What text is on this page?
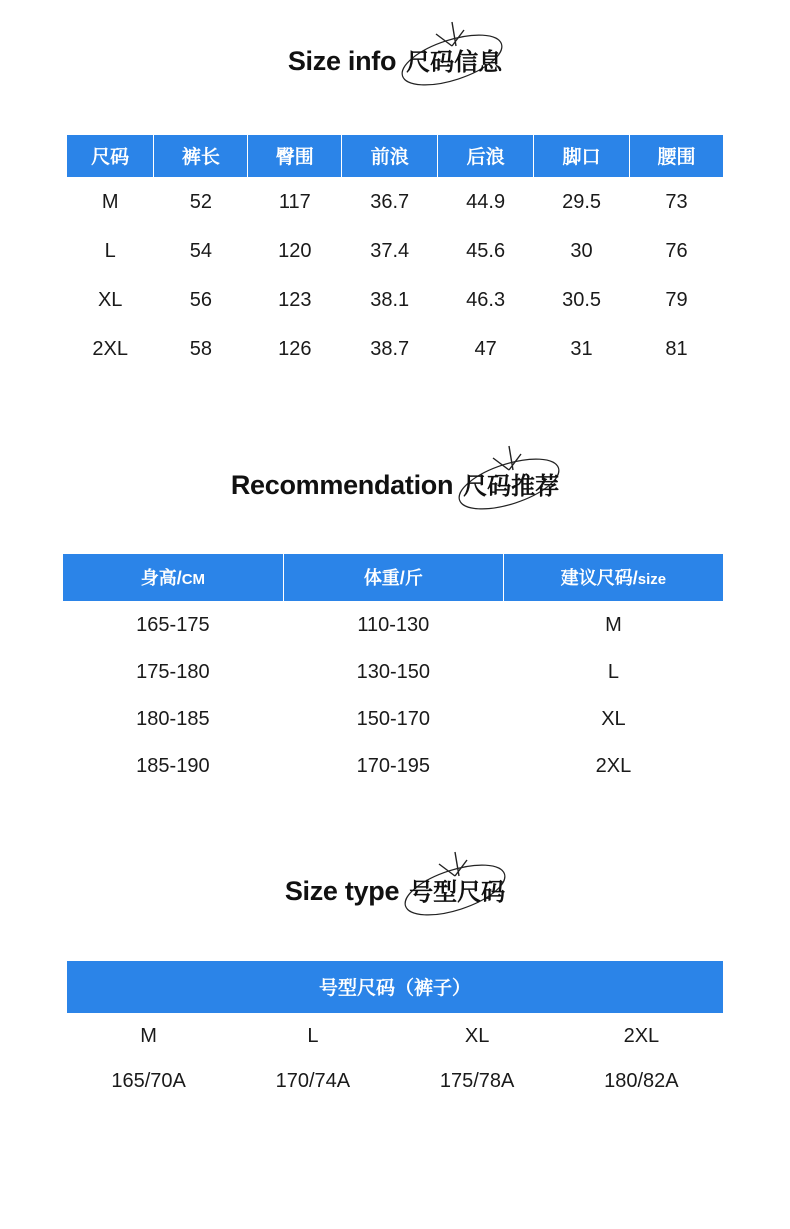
Size info 尺码信息
尺码	裤长	臀围	前浪	后浪	脚口	腰围
M	52	117	36.7	44.9	29.5	73
L	54	120	37.4	45.6	30	76
XL	56	123	38.1	46.3	30.5	79
2XL	58	126	38.7	47	31	81
Recommendation 尺码推荐
身高/CM	体重/斤	建议尺码/size
165-175	110-130	M
175-180	130-150	L
180-185	150-170	XL
185-190	170-195	2XL
Size type 号型尺码
号型尺码（裤子）			
M	L	XL	2XL
165/70A	170/74A	175/78A	180/82A
